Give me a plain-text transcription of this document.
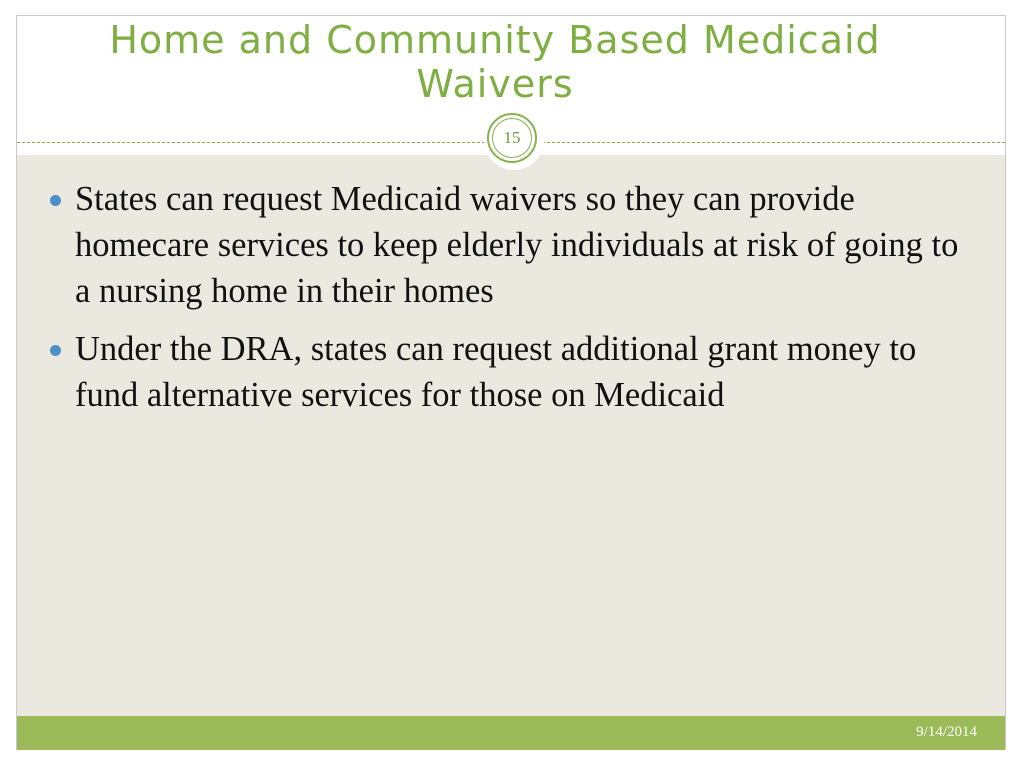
Home and Community Based Medicaid Waivers
15
States can request Medicaid waivers so they can provide homecare services to keep elderly individuals at risk of going to a nursing home in their homes
Under the DRA, states can request additional grant money to fund alternative services for those on Medicaid
9/14/2014
